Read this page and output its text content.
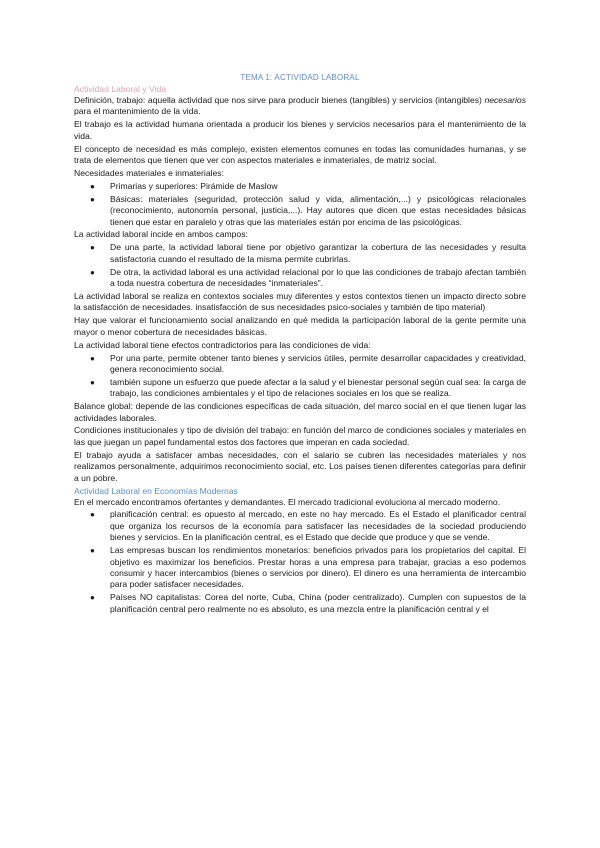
TEMA 1: ACTIVIDAD LABORAL
Actividad Laboral y Vida

Definición, trabajo: aquella actividad que nos sirve para producir bienes (tangibles) y servicios (intangibles) necesarios para el mantenimiento de la vida.

El trabajo es la actividad humana orientada a producir los bienes y servicios necesarios para el mantenimiento de la vida.

El concepto de necesidad es más complejo, existen elementos comunes en todas las comunidades humanas, y se trata de elementos que tienen que ver con aspectos materiales e inmateriales, de matriz social.

Necesidades materiales e inmateriales:

● Primarias y superiores: Pirámide de Maslow
● Básicas: materiales (seguridad, protección salud y vida, alimentación,...) y psicológicas relacionales (reconocimiento, autonomía personal, justicia,...). Hay autores que dicen que estas necesidades básicas tienen que estar en paralelo y otras que las materiales están por encima de las psicológicas.

La actividad laboral incide en ambos campos:

● De una parte, la actividad laboral tiene por objetivo garantizar la cobertura de las necesidades y resulta satisfactoria cuando el resultado de la misma permite cubrirlas.
● De otra, la actividad laboral es una actividad relacional por lo que las condiciones de trabajo afectan también a toda nuestra cobertura de necesidades “inmateriales”.

La actividad laboral se realiza en contextos sociales muy diferentes y estos contextos tienen un impacto directo sobre la satisfacción de necesidades. insatisfacción de sus necesidades psico-sociales y también de tipo material)

Hay que valorar el funcionamiento social analizando en qué medida la participación laboral de la gente permite una mayor o menor cobertura de necesidades básicas.

La actividad laboral tiene efectos contradictorios para las condiciones de vida:

● Por una parte, permite obtener tanto bienes y servicios útiles, permite desarrollar capacidades y creatividad, genera reconocimiento social.
● también supone un esfuerzo que puede afectar a la salud y el bienestar personal según cual sea: la carga de trabajo, las condiciones ambientales y el tipo de relaciones sociales en los que se realiza.

Balance global: depende de las condiciones específicas de cada situación, del marco social en el que tienen lugar las actividades laborales.

Condiciones institucionales y tipo de división del trabajo: en función del marco de condiciones sociales y materiales en las que juegan un papel fundamental estos dos factores que imperan en cada sociedad.

El trabajo ayuda a satisfacer ambas necesidades, con el salario se cubren las necesidades materiales y nos realizamos personalmente, adquirimos reconocimiento social, etc. Los países tienen diferentes categorías para definir a un pobre.

Actividad Laboral en Economías Modernas

En el mercado encontramos ofertantes y demandantes. El mercado tradicional evoluciona al mercado moderno.

● planificación central: es opuesto al mercado, en este no hay mercado. Es el Estado el planificador central que organiza los recursos de la economía para satisfacer las necesidades de la sociedad produciendo bienes y servicios. En la planificación central, es el Estado que decide que produce y que se vende.
● Las empresas buscan los rendimientos monetarios: beneficios privados para los propietarios del capital. El objetivo es maximizar los beneficios. Prestar horas a una empresa para trabajar, gracias a eso podemos consumir y hacer intercambios (bienes o servicios por dinero). El dinero es una herramienta de intercambio para poder satisfacer necesidades.
● Países NO capitalistas: Corea del norte, Cuba, China (poder centralizado). Cumplen con supuestos de la planificación central pero realmente no es absoluto, es una mezcla entre la planificación central y el
